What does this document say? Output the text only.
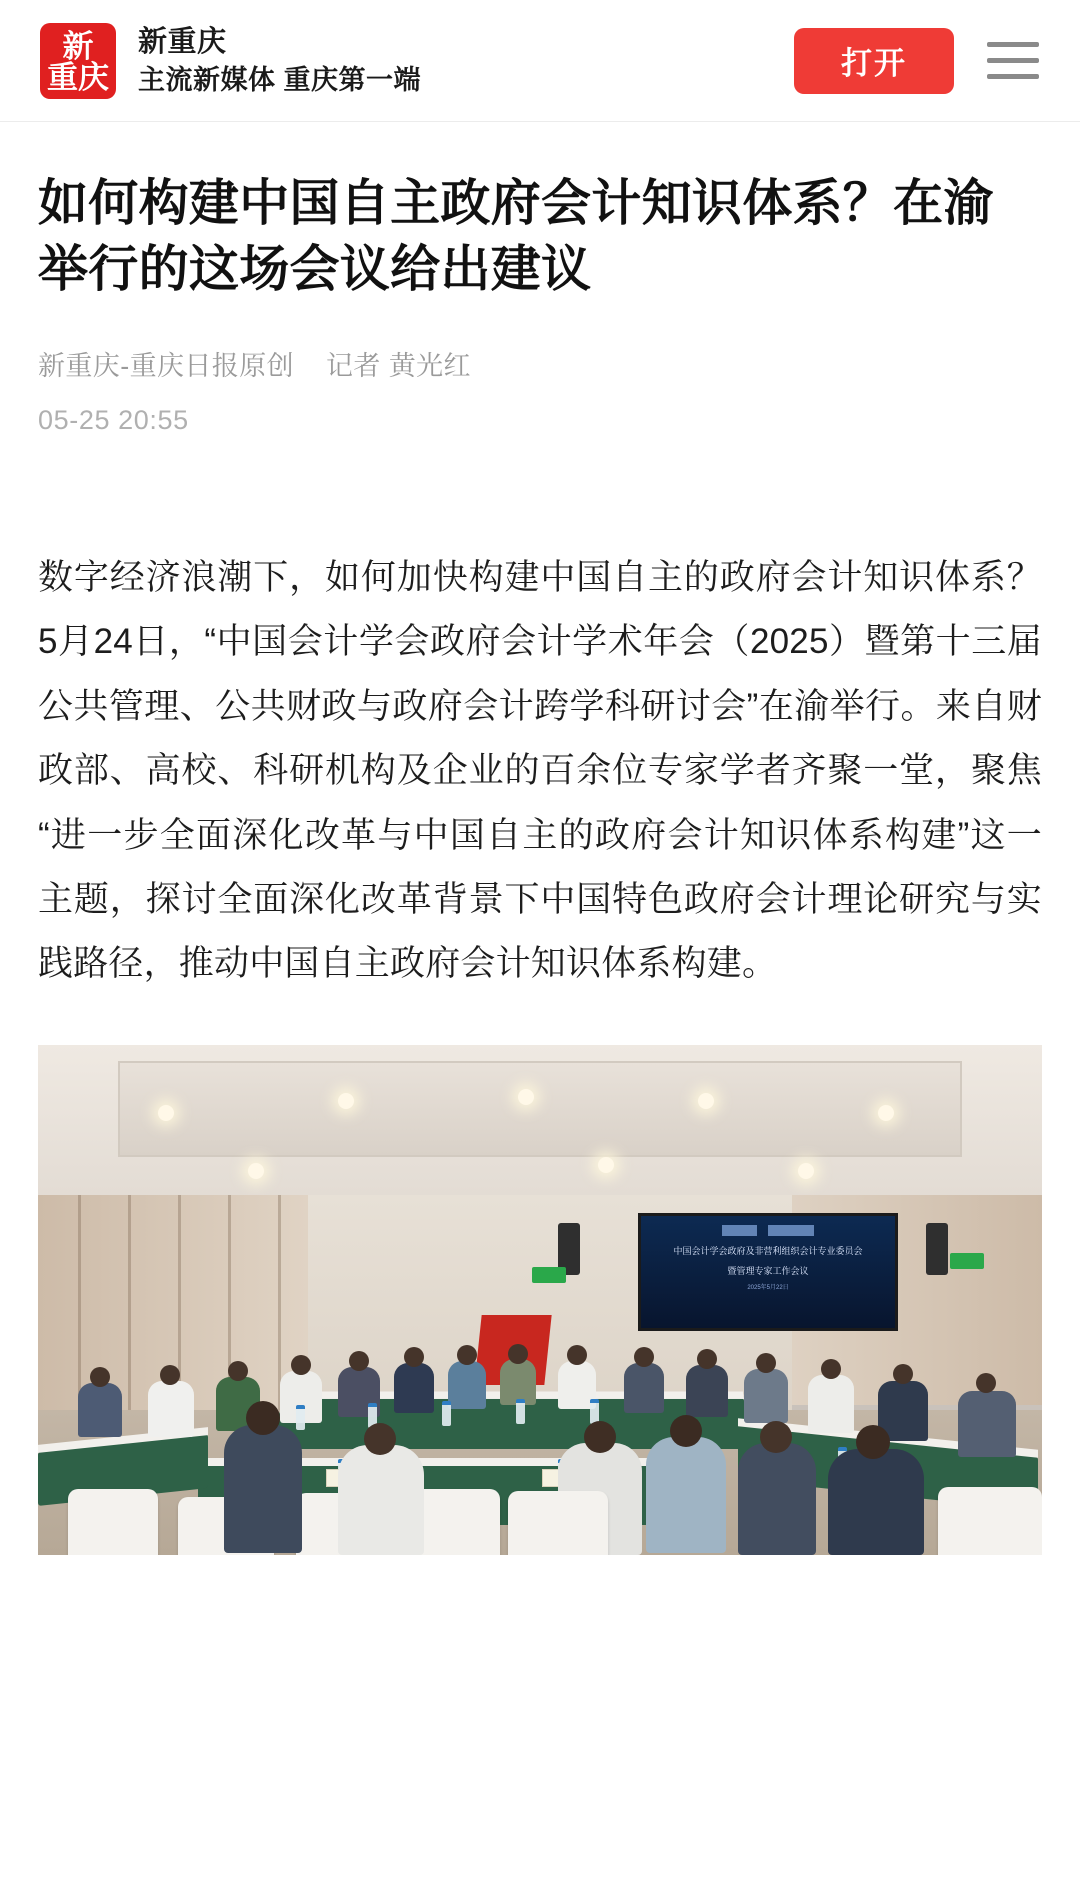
新
重庆
新重庆
主流新媒体 重庆第一端	打开
如何构建中国自主政府会计知识体系？在渝举行的这场会议给出建议
新重庆-重庆日报原创 记者 黄光红
05-25 20:55

数字经济浪潮下，如何加快构建中国自主的政府会计知识体系？5月24日，“中国会计学会政府会计学术年会（2025）暨第十三届公共管理、公共财政与政府会计跨学科研讨会”在渝举行。来自财政部、高校、科研机构及企业的百余位专家学者齐聚一堂，聚焦“进一步全面深化改革与中国自主的政府会计知识体系构建”这一主题，探讨全面深化改革背景下中国特色政府会计理论研究与实践路径，推动中国自主政府会计知识体系构建。

中国会计学会政府及非营利组织会计专业委员会
暨管理专家工作会议
2025年5月22日
